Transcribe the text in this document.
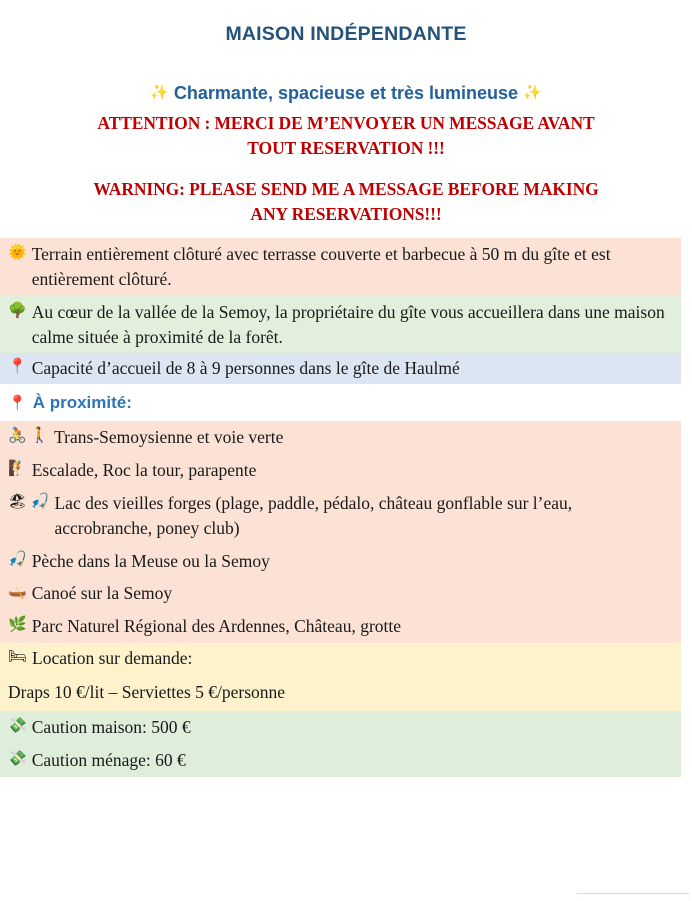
MAISON INDÉPENDANTE
✨ Charmante, spacieuse et très lumineuse ✨
ATTENTION : MERCI DE M’ENVOYER UN MESSAGE AVANT
TOUT RESERVATION !!!
WARNING: PLEASE SEND ME A MESSAGE BEFORE MAKING
ANY RESERVATIONS!!!
🌞 Terrain entièrement clôturé avec terrasse couverte et barbecue à 50 m du gîte et est entièrement clôturé.
🌳 Au cœur de la vallée de la Semoy, la propriétaire du gîte vous accueillera dans une maison calme située à proximité de la forêt.
📍 Capacité d’accueil de 8 à 9 personnes dans le gîte de Haulmé
📍 À proximité:
🚴 🚶 Trans-Semoysienne et voie verte
🧗 Escalade, Roc la tour, parapente
🏖 🎣 Lac des vieilles forges (plage, paddle, pédalo, château gonflable sur l’eau, accrobranche, poney club)
🎣 Pèche dans la Meuse ou la Semoy
🛶 Canoé sur la Semoy
🌿 Parc Naturel Régional des Ardennes, Château, grotte
🛏 Location sur demande:
Draps 10 €/lit – Serviettes 5 €/personne
💸 Caution maison: 500 €
💸 Caution ménage: 60 €
